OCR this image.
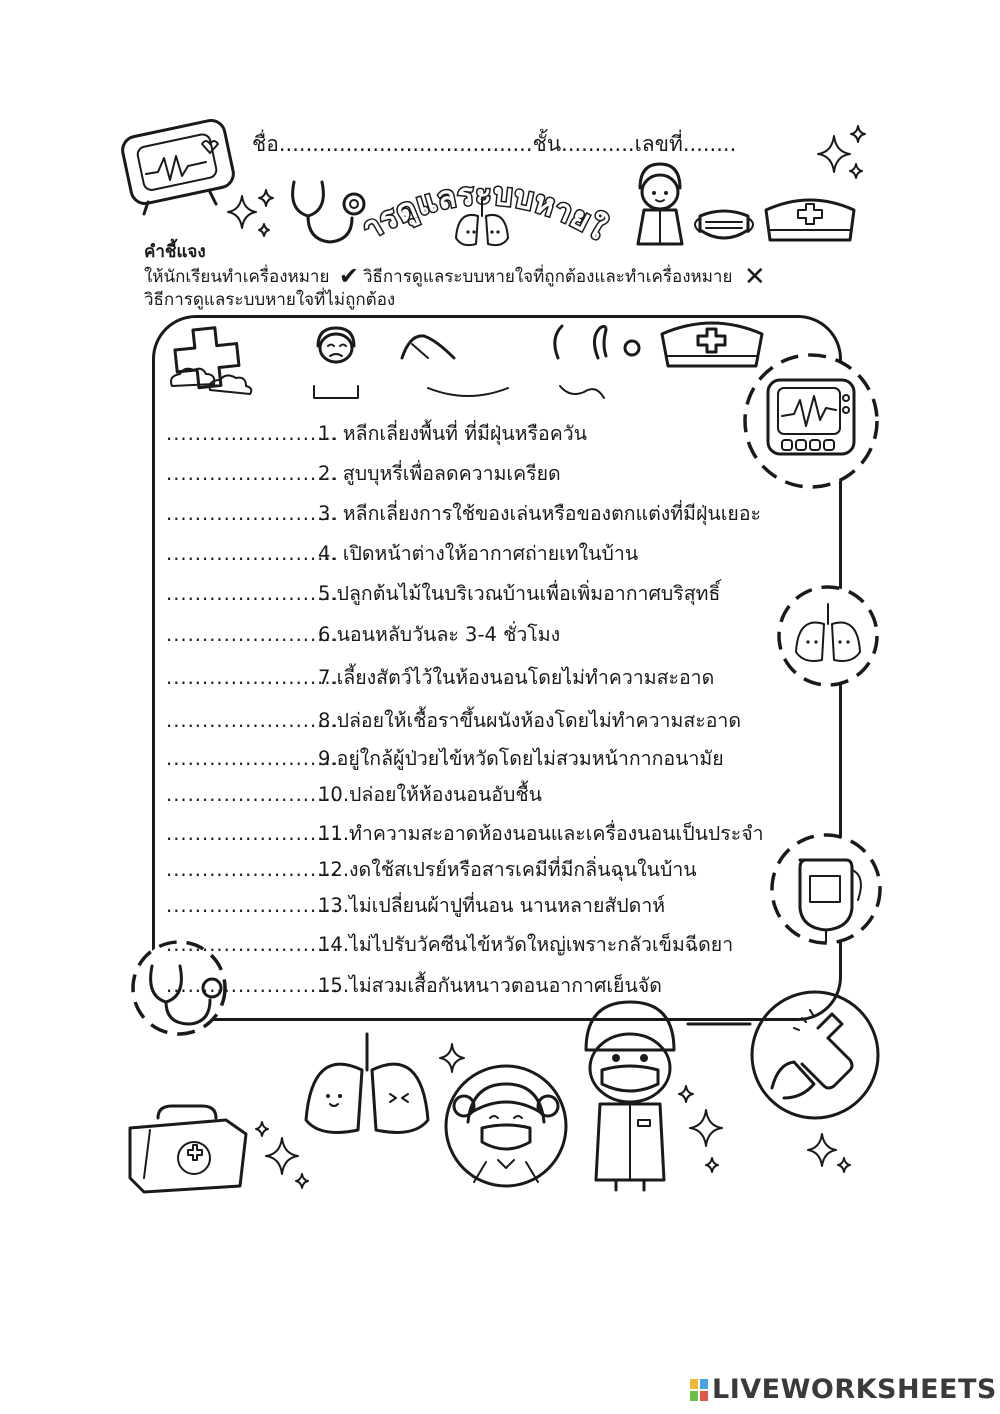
ชื่อ......................................ชั้น...........เลขที่........
การดูแลระบบหายใจ
คำชี้แจง
ให้นักเรียนทำเครื่องหมาย ✔ วิธีการดูแลระบบหายใจที่ถูกต้องและทำเครื่องหมาย ✕
วิธีการดูแลระบบหายใจที่ไม่ถูกต้อง
........................1. หลีกเลี่ยงพื้นที่ ที่มีฝุ่นหรือควัน
........................2. สูบบุหรี่เพื่อลดความเครียด
........................3. หลีกเลี่ยงการใช้ของเล่นหรือของตกแต่งที่มีฝุ่นเยอะ
........................4. เปิดหน้าต่างให้อากาศถ่ายเทในบ้าน
........................5.ปลูกต้นไม้ในบริเวณบ้านเพื่อเพิ่มอากาศบริสุทธิ์
........................6.นอนหลับวันละ 3-4 ชั่วโมง
........................7.เลี้ยงสัตว์ไว้ในห้องนอนโดยไม่ทำความสะอาด
........................8.ปล่อยให้เชื้อราขึ้นผนังห้องโดยไม่ทำความสะอาด
........................9.อยู่ใกล้ผู้ป่วยไข้หวัดโดยไม่สวมหน้ากากอนามัย
........................10.ปล่อยให้ห้องนอนอับชื้น
........................11.ทำความสะอาดห้องนอนและเครื่องนอนเป็นประจำ
........................12.งดใช้สเปรย์หรือสารเคมีที่มีกลิ่นฉุนในบ้าน
........................13.ไม่เปลี่ยนผ้าปูที่นอน นานหลายสัปดาห์
........................14.ไม่ไปรับวัคซีนไข้หวัดใหญ่เพราะกลัวเข็มฉีดยา
........................15.ไม่สวมเสื้อกันหนาวตอนอากาศเย็นจัด
LIVEWORKSHEETS
